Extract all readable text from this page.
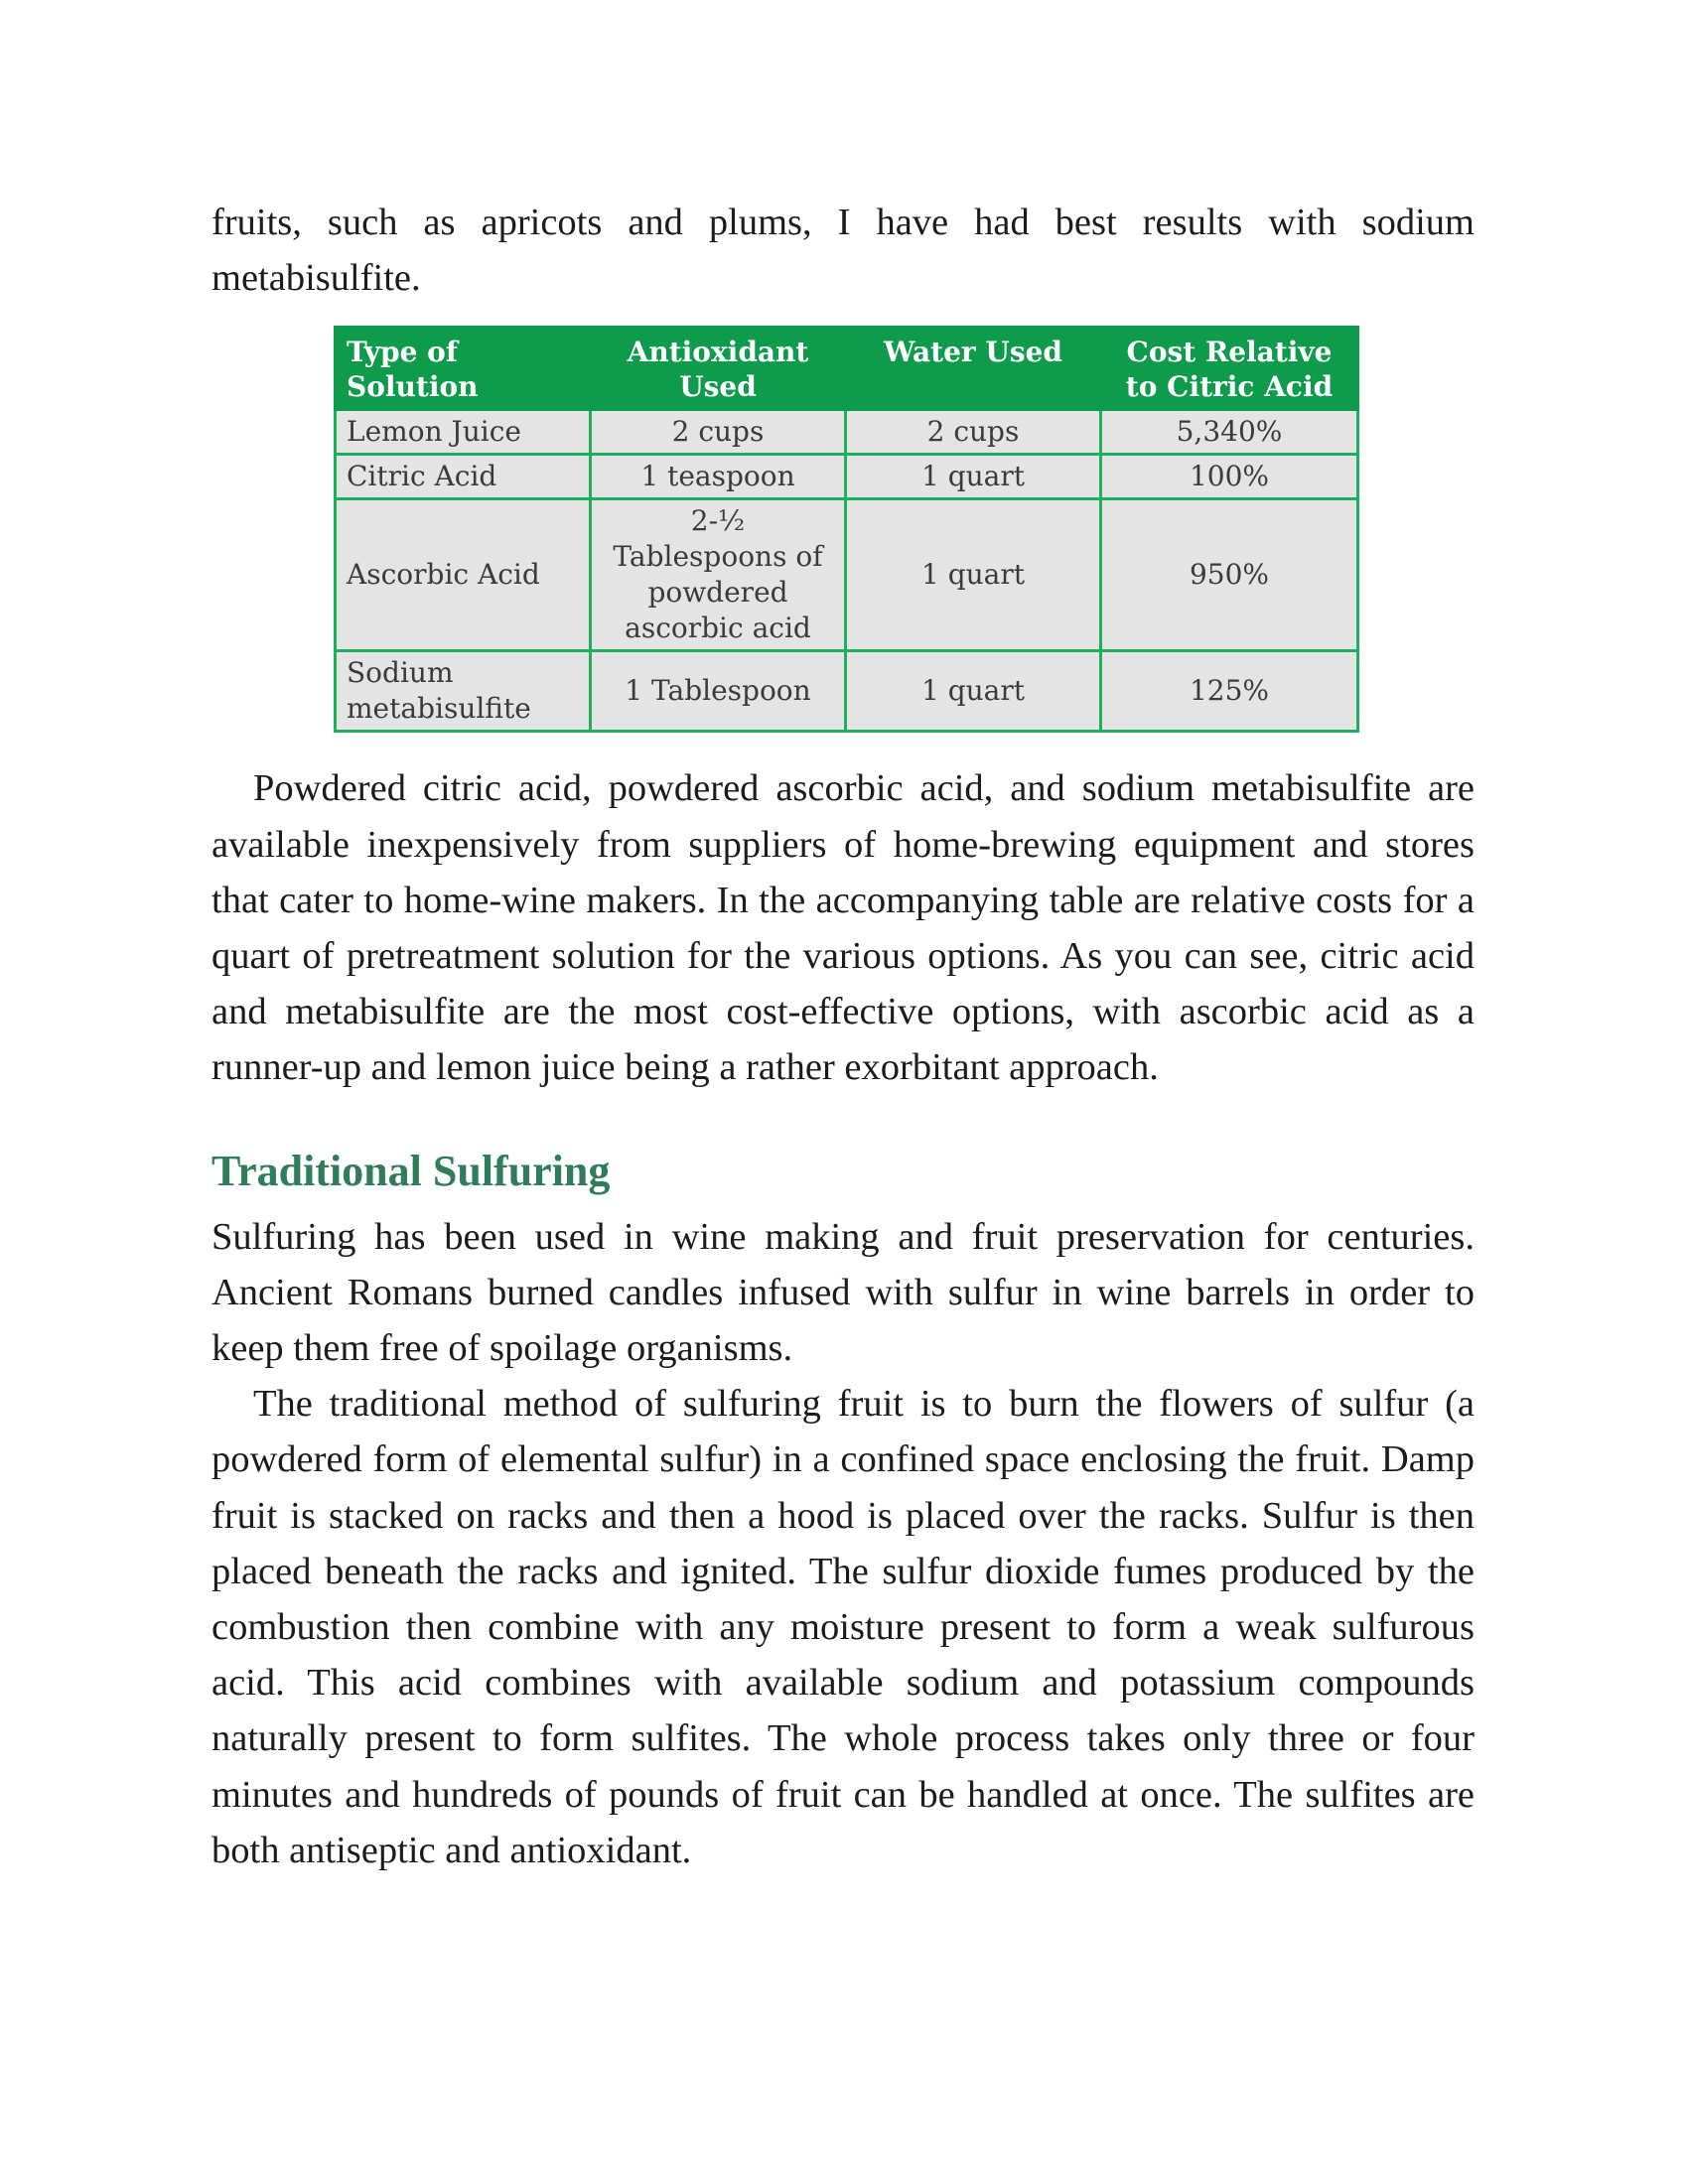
fruits, such as apricots and plums, I have had best results with sodium metabisulfite.

Type of Solution	Antioxidant Used	Water Used	Cost Relative to Citric Acid
Lemon Juice	2 cups	2 cups	5,340%
Citric Acid	1 teaspoon	1 quart	100%
Ascorbic Acid	2-½ Tablespoons of powdered ascorbic acid	1 quart	950%
Sodium metabisulfite	1 Tablespoon	1 quart	125%

Powdered citric acid, powdered ascorbic acid, and sodium metabisulfite are available inexpensively from suppliers of home-brewing equipment and stores that cater to home-wine makers. In the accompanying table are relative costs for a quart of pretreatment solution for the various options. As you can see, citric acid and metabisulfite are the most cost-effective options, with ascorbic acid as a runner-up and lemon juice being a rather exorbitant approach.

Traditional Sulfuring

Sulfuring has been used in wine making and fruit preservation for centuries. Ancient Romans burned candles infused with sulfur in wine barrels in order to keep them free of spoilage organisms.

The traditional method of sulfuring fruit is to burn the flowers of sulfur (a powdered form of elemental sulfur) in a confined space enclosing the fruit. Damp fruit is stacked on racks and then a hood is placed over the racks. Sulfur is then placed beneath the racks and ignited. The sulfur dioxide fumes produced by the combustion then combine with any moisture present to form a weak sulfurous acid. This acid combines with available sodium and potassium compounds naturally present to form sulfites. The whole process takes only three or four minutes and hundreds of pounds of fruit can be handled at once. The sulfites are both antiseptic and antioxidant.
